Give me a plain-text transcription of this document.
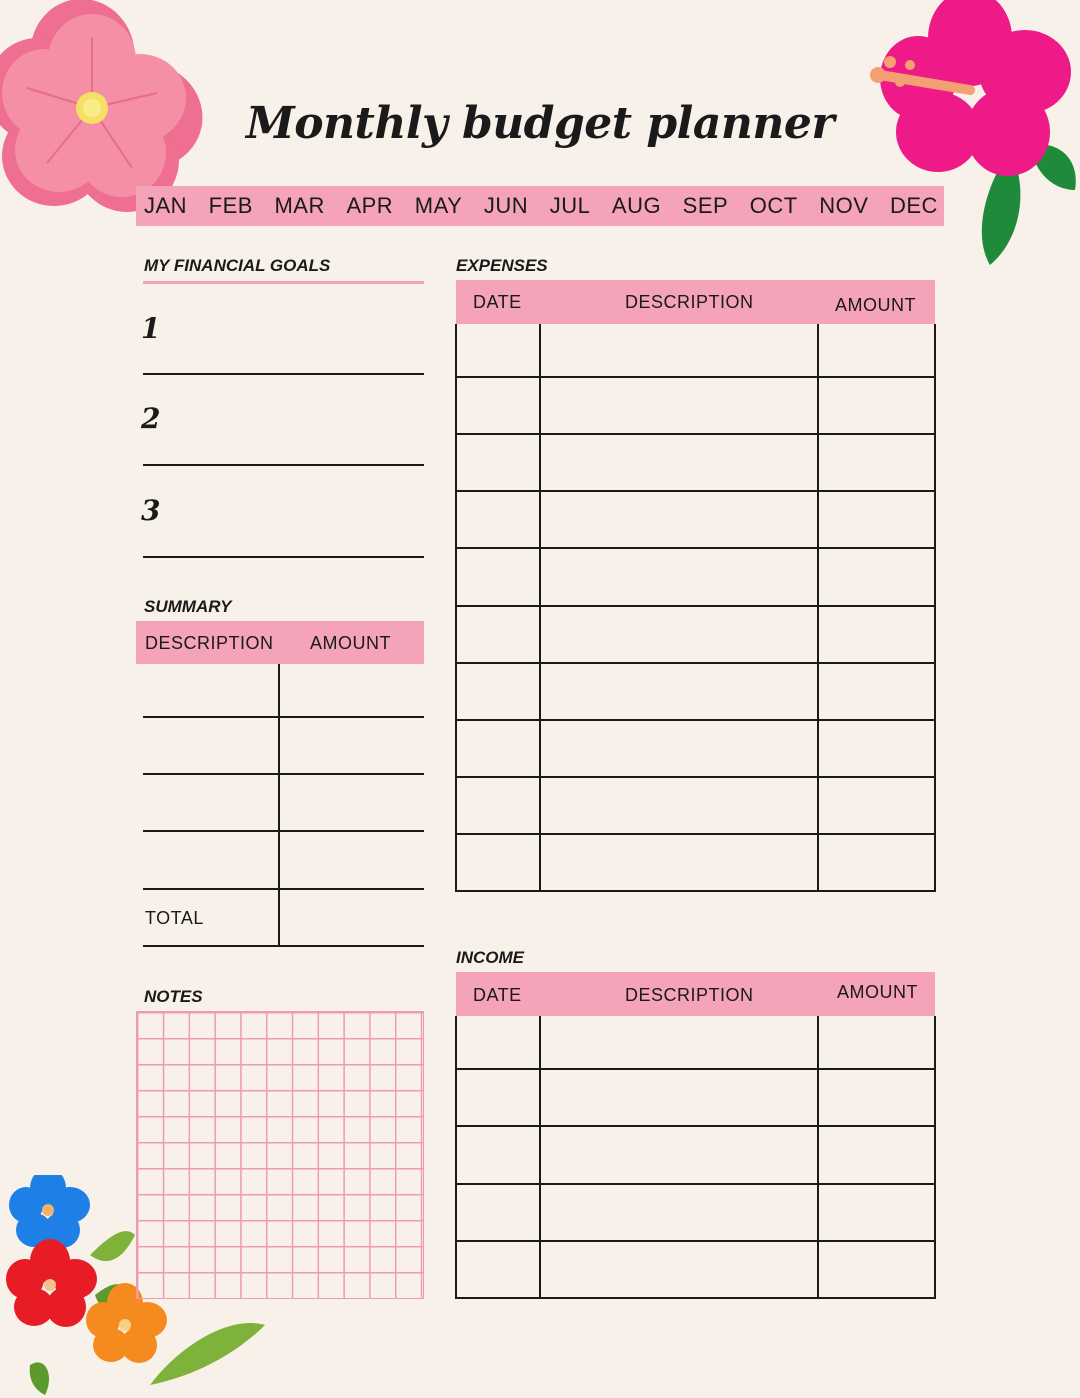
Monthly budget planner
JAN FEB MAR APR MAY JUN JUL AUG SEP OCT NOV DEC
MY FINANCIAL GOALS
1
2
3
SUMMARY
DESCRIPTION AMOUNT
TOTAL
NOTES
EXPENSES
DATE	DESCRIPTION	AMOUNT
INCOME
DATE	DESCRIPTION	AMOUNT
